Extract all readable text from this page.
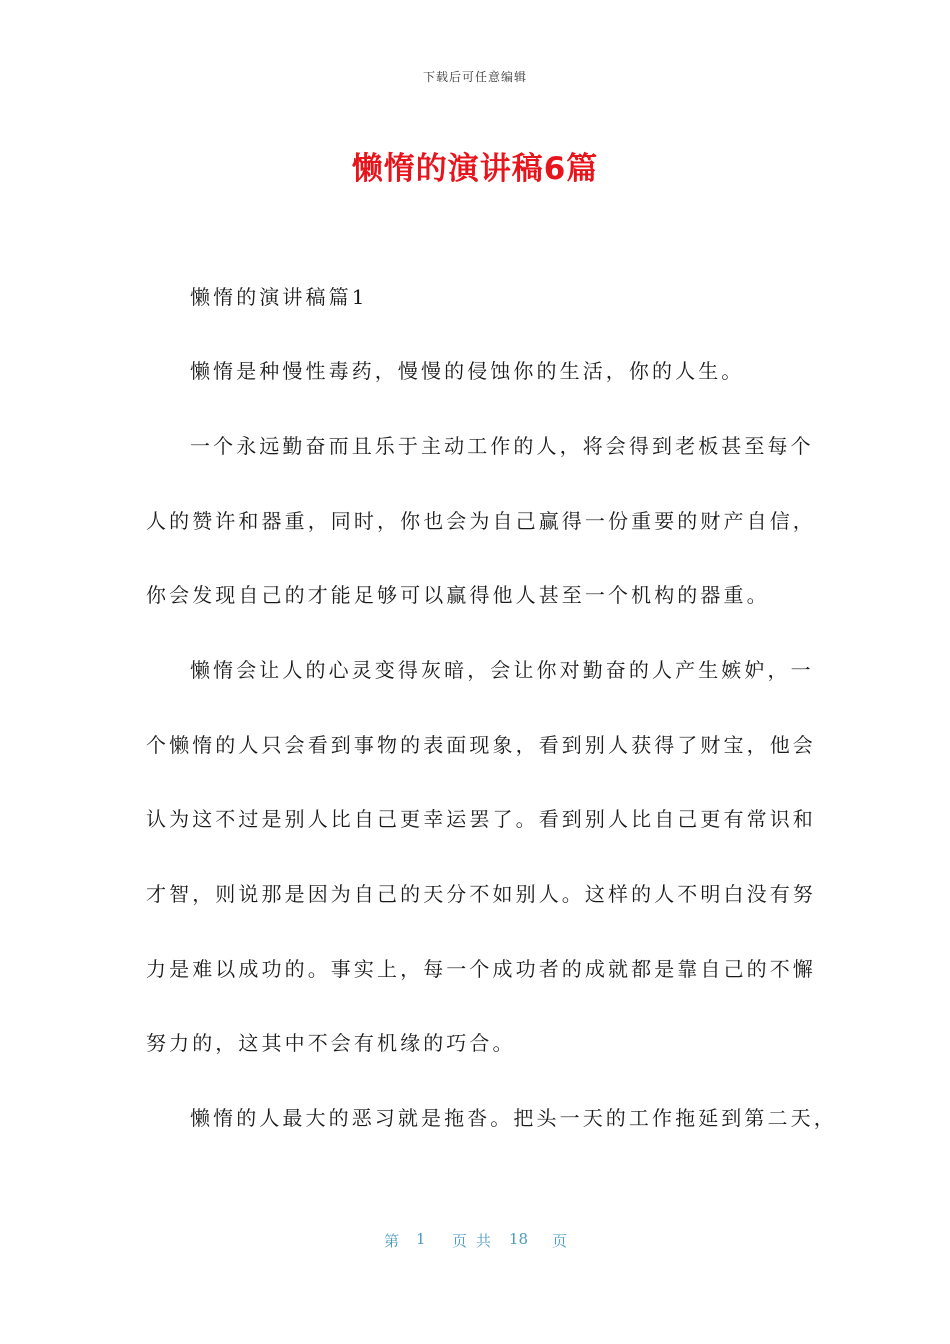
下载后可任意编辑
懒惰的演讲稿6篇
懒惰的演讲稿篇1
懒惰是种慢性毒药，慢慢的侵蚀你的生活，你的人生。
一个永远勤奋而且乐于主动工作的人，将会得到老板甚至每个
人的赞许和器重，同时，你也会为自己赢得一份重要的财产自信，
你会发现自己的才能足够可以赢得他人甚至一个机构的器重。
懒惰会让人的心灵变得灰暗，会让你对勤奋的人产生嫉妒，一
个懒惰的人只会看到事物的表面现象，看到别人获得了财宝，他会
认为这不过是别人比自己更幸运罢了。看到别人比自己更有常识和
才智，则说那是因为自己的天分不如别人。这样的人不明白没有努
力是难以成功的。事实上，每一个成功者的成就都是靠自己的不懈
努力的，这其中不会有机缘的巧合。
懒惰的人最大的恶习就是拖沓。把头一天的工作拖延到第二天，
第 1 页共 18 页
